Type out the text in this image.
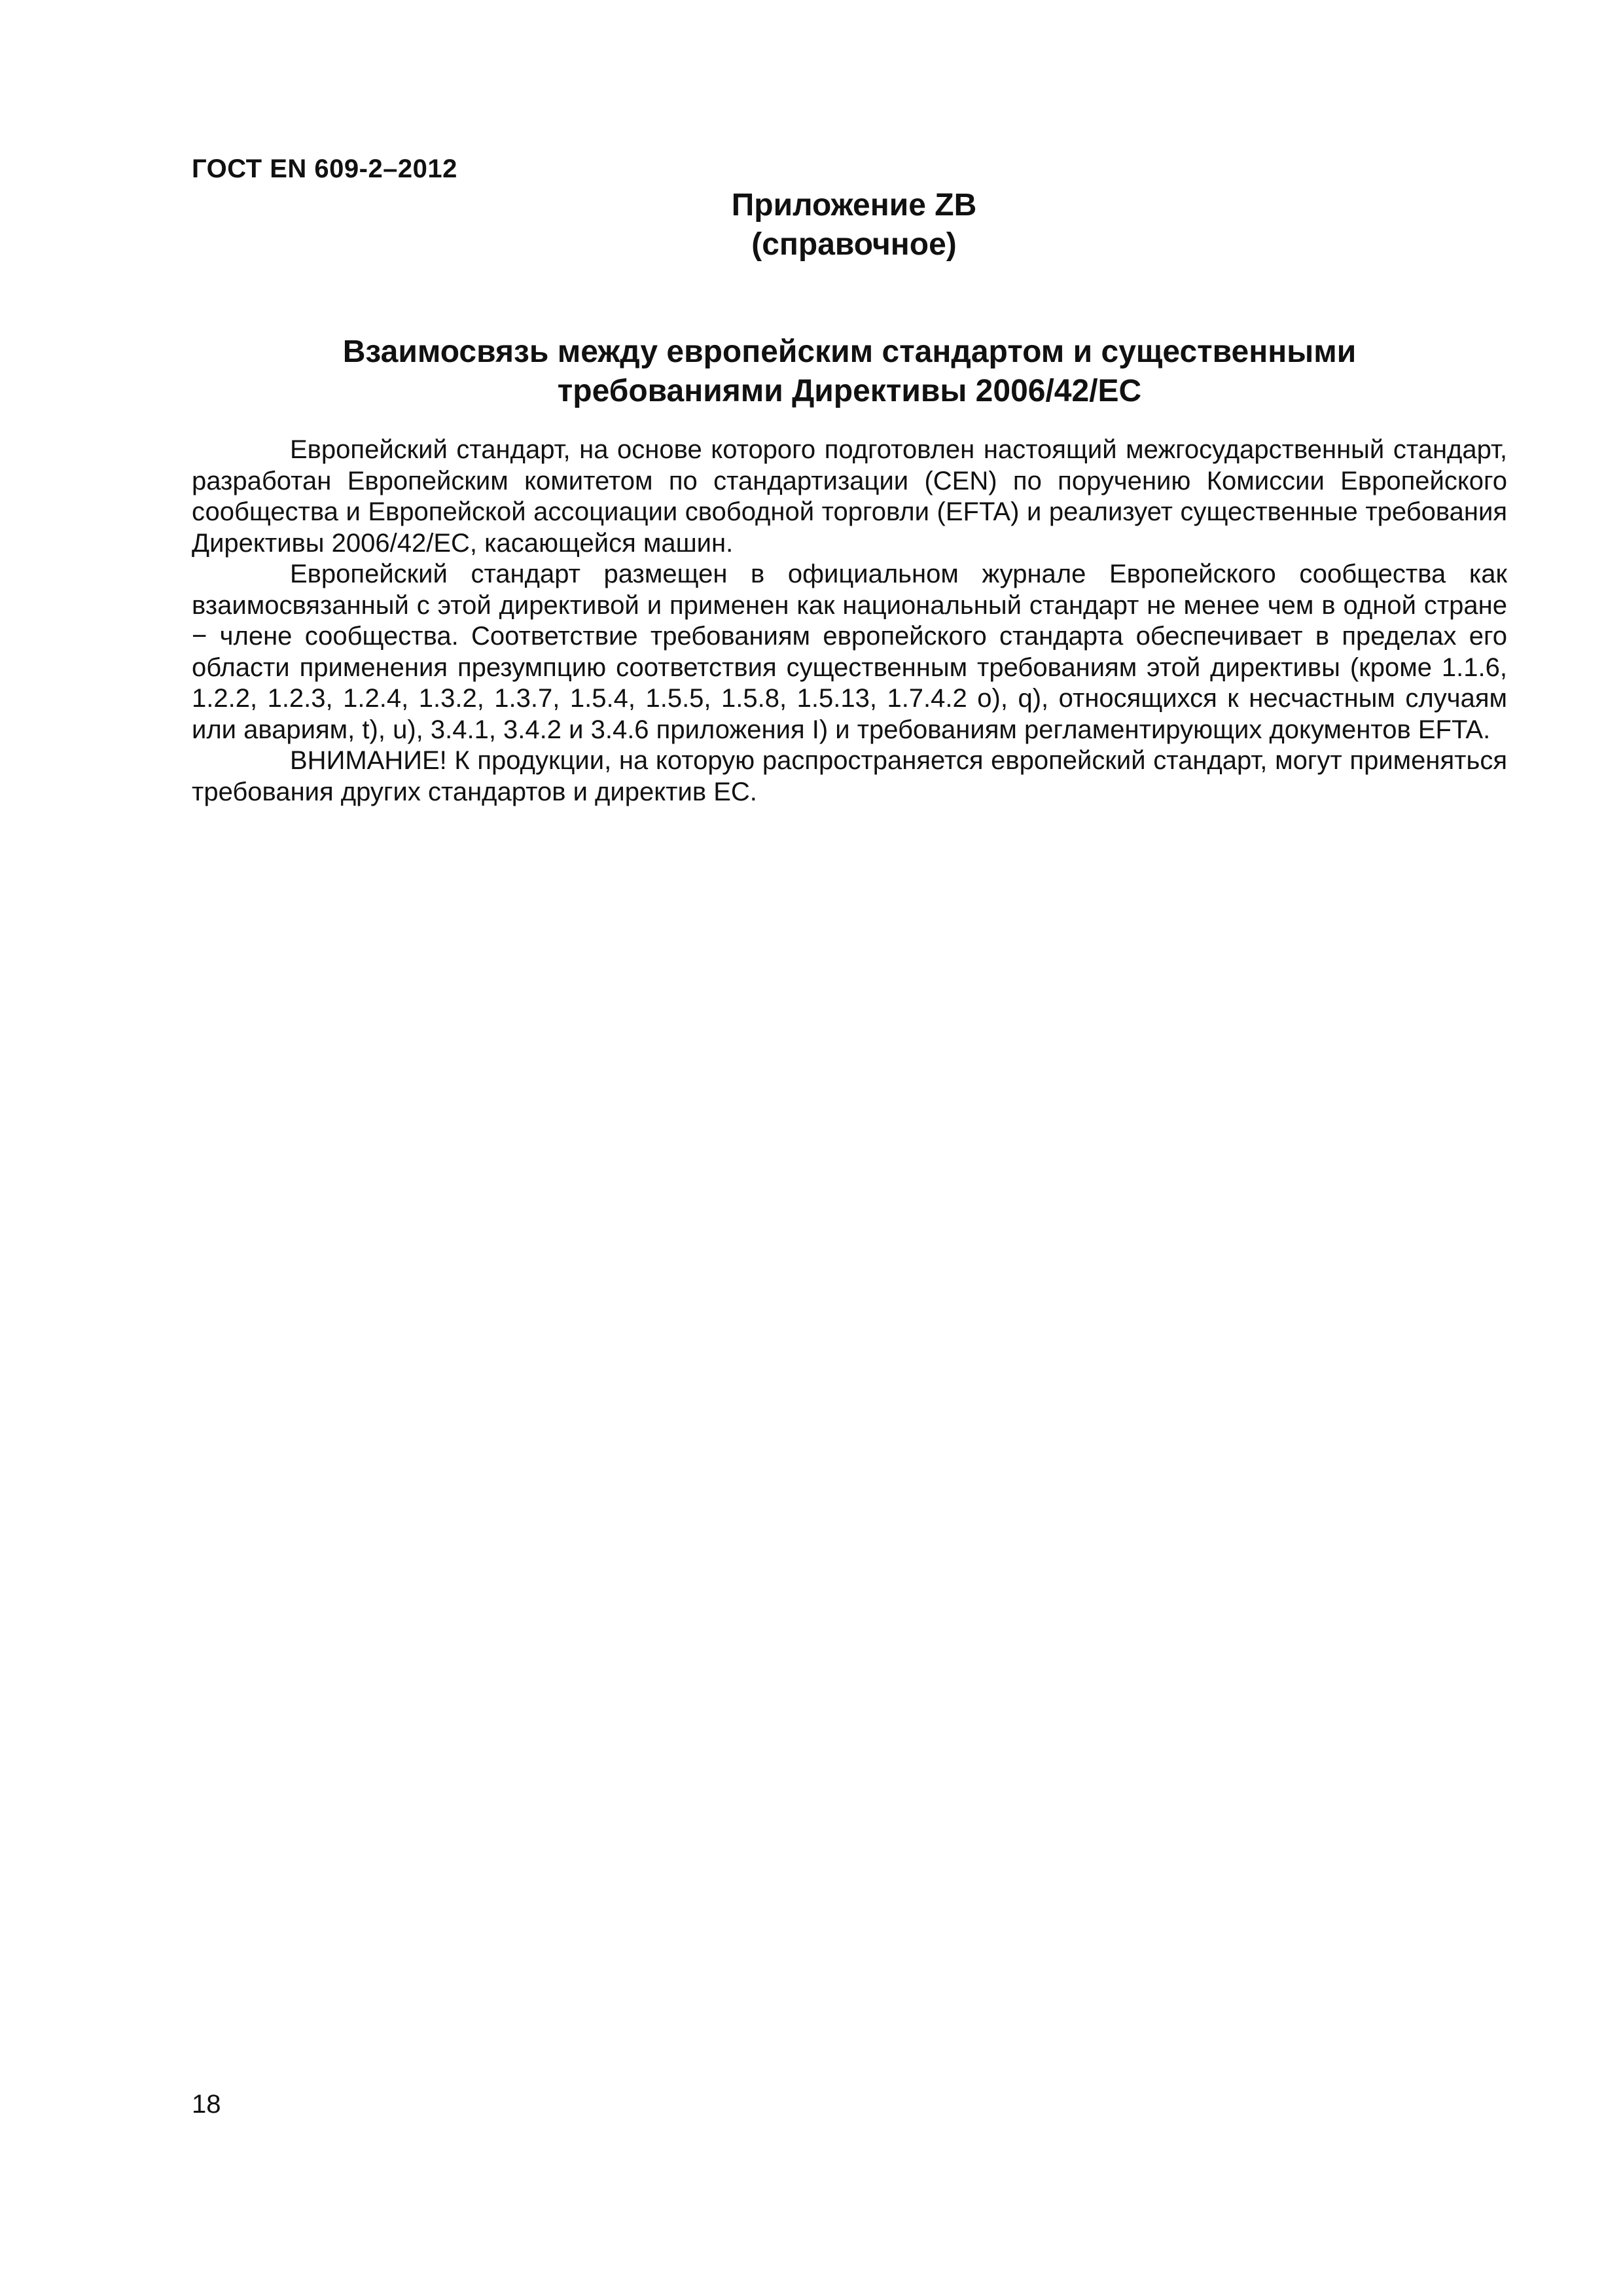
ГОСТ EN 609-2–2012
Приложение ZB
(справочное)
Взаимосвязь между европейским стандартом и существенными
требованиями Директивы 2006/42/ЕС

Европейский стандарт, на основе которого подготовлен настоящий межгосударственный стандарт, разработан Европейским комитетом по стандартизации (CEN) по поручению Комиссии Европейского сообщества и Европейской ассоциации свободной торговли (EFTA) и реализует существенные требования Директивы 2006/42/ЕС, касающейся машин.

Европейский стандарт размещен в официальном журнале Европейского сообщества как взаимосвязанный с этой директивой и применен как национальный стандарт не менее чем в одной стране − члене сообщества. Соответствие требованиям европейского стандарта обеспечивает в пределах его области применения презумпцию соответствия существенным требованиям этой директивы (кроме 1.1.6, 1.2.2, 1.2.3, 1.2.4, 1.3.2, 1.3.7, 1.5.4, 1.5.5, 1.5.8, 1.5.13, 1.7.4.2 o), q), относящихся к несчастным случаям или авариям, t), u), 3.4.1, 3.4.2 и 3.4.6 приложения I) и требованиям регламентирующих документов EFTA.

ВНИМАНИЕ! К продукции, на которую распространяется европейский стандарт, могут применяться требования других стандартов и директив ЕС.

18
